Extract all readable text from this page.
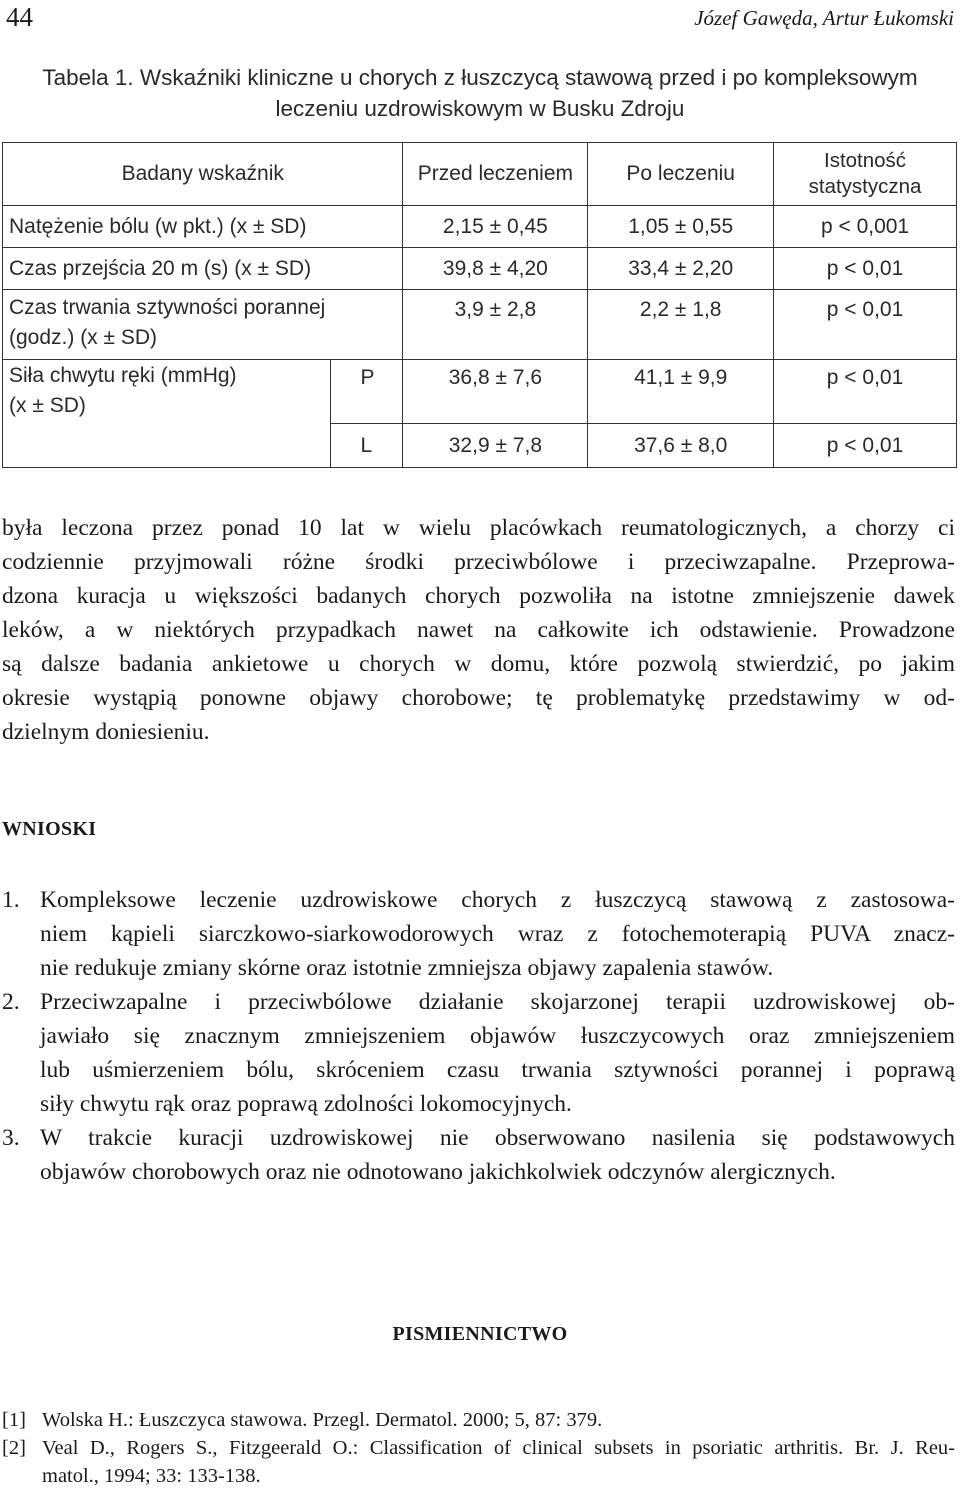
44	Józef Gawęda, Artur Łukomski
Tabela 1. Wskaźniki kliniczne u chorych z łuszczycą stawową przed i po kompleksowym
leczeniu uzdrowiskowym w Busku Zdroju
Badany wskaźnik		Przed leczeniem	Po leczeniu	Istotność
statystyczna

Natężenie bólu (w pkt.) (x ± SD)		2,15 ± 0,45	1,05 ± 0,55	p < 0,001
Czas przejścia 20 m (s) (x ± SD)		39,8 ± 4,20	33,4 ± 2,20	p < 0,01

Czas trwania sztywności porannej
(godz.) (x ± SD)		3,9 ± 2,8	2,2 ± 1,8	p < 0,01

Siła chwytu ręki (mmHg)
(x ± SD)	P	36,8 ± 7,6	41,1 ± 9,9	p < 0,01
	L	32,9 ± 7,8	37,6 ± 8,0	p < 0,01
była leczona przez ponad 10 lat w wielu placówkach reumatologicznych, a chorzy ci
codziennie przyjmowali różne środki przeciwbólowe i przeciwzapalne. Przeprowa-
dzona kuracja u większości badanych chorych pozwoliła na istotne zmniejszenie dawek
leków, a w niektórych przypadkach nawet na całkowite ich odstawienie. Prowadzone
są dalsze badania ankietowe u chorych w domu, które pozwolą stwierdzić, po jakim
okresie wystąpią ponowne objawy chorobowe; tę problematykę przedstawimy w od-
dzielnym doniesieniu.
WNIOSKI
1. Kompleksowe leczenie uzdrowiskowe chorych z łuszczycą stawową z zastosowa-
niem kąpieli siarczkowo-siarkowodorowych wraz z fotochemoterapią PUVA znacz-
nie redukuje zmiany skórne oraz istotnie zmniejsza objawy zapalenia stawów.
2. Przeciwzapalne i przeciwbólowe działanie skojarzonej terapii uzdrowiskowej ob-
jawiało się znacznym zmniejszeniem objawów łuszczycowych oraz zmniejszeniem
lub uśmierzeniem bólu, skróceniem czasu trwania sztywności porannej i poprawą
siły chwytu rąk oraz poprawą zdolności lokomocyjnych.
3. W trakcie kuracji uzdrowiskowej nie obserwowano nasilenia się podstawowych
objawów chorobowych oraz nie odnotowano jakichkolwiek odczynów alergicznych.
PISMIENNICTWO
[1] Wolska H.: Łuszczyca stawowa. Przegl. Dermatol. 2000; 5, 87: 379.
[2] Veal D., Rogers S., Fitzgeerald O.: Classification of clinical subsets in psoriatic arthritis. Br. J. Reu-
matol., 1994; 33: 133-138.
